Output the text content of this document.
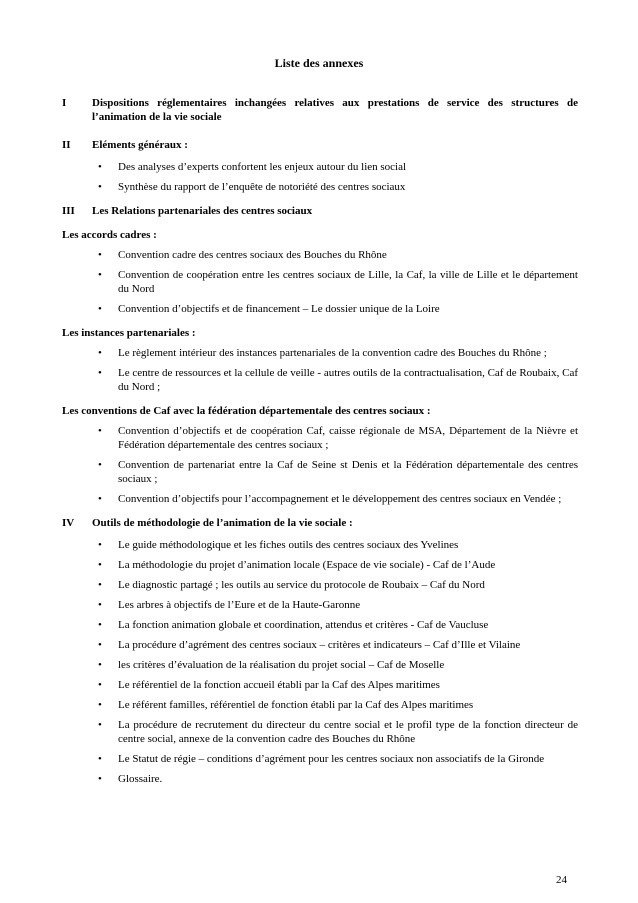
Liste des annexes
I	Dispositions réglementaires inchangées relatives aux prestations de service des structures de l’animation de la vie sociale
II	Eléments généraux :
• Des analyses d’experts confortent les enjeux autour du lien social
• Synthèse du rapport de l’enquête de notoriété des centres sociaux
III	Les Relations partenariales des centres sociaux
Les accords cadres :
• Convention cadre des centres sociaux des Bouches du Rhône
• Convention de coopération entre les centres sociaux de Lille, la Caf, la ville de Lille et le département du Nord
• Convention d’objectifs et de financement – Le dossier unique de la Loire
Les instances partenariales :
• Le règlement intérieur des instances partenariales de la convention cadre des Bouches du Rhône ;
• Le centre de ressources et la cellule de veille - autres outils de la contractualisation, Caf de Roubaix, Caf du Nord ;
Les conventions de Caf avec la fédération départementale des centres sociaux :
• Convention d’objectifs et de coopération Caf, caisse régionale de MSA, Département de la Nièvre et Fédération départementale des centres sociaux ;
• Convention de partenariat entre la Caf de Seine st Denis et la Fédération départementale des centres sociaux ;
• Convention d’objectifs pour l’accompagnement et le développement des centres sociaux en Vendée ;
IV	Outils de méthodologie de l’animation de la vie sociale :
• Le guide méthodologique et les fiches outils des centres sociaux des Yvelines
• La méthodologie du projet d’animation locale (Espace de vie sociale) - Caf de l’Aude
• Le diagnostic partagé ; les outils au service du protocole de Roubaix – Caf du Nord
• Les arbres à objectifs de l’Eure et de la Haute-Garonne
• La fonction animation globale et coordination, attendus et critères - Caf de Vaucluse
• La procédure d’agrément des centres sociaux – critères et indicateurs – Caf d’Ille et Vilaine
• les critères d’évaluation de la réalisation du projet social – Caf de Moselle
• Le référentiel de la fonction accueil établi par la Caf des Alpes maritimes
• Le référent familles, référentiel de fonction établi par la Caf des Alpes maritimes
• La procédure de recrutement du directeur du centre social et le profil type de la fonction directeur de centre social, annexe de la convention cadre des Bouches du Rhône
• Le Statut de régie – conditions d’agrément pour les centres sociaux non associatifs de la Gironde
• Glossaire.
24
